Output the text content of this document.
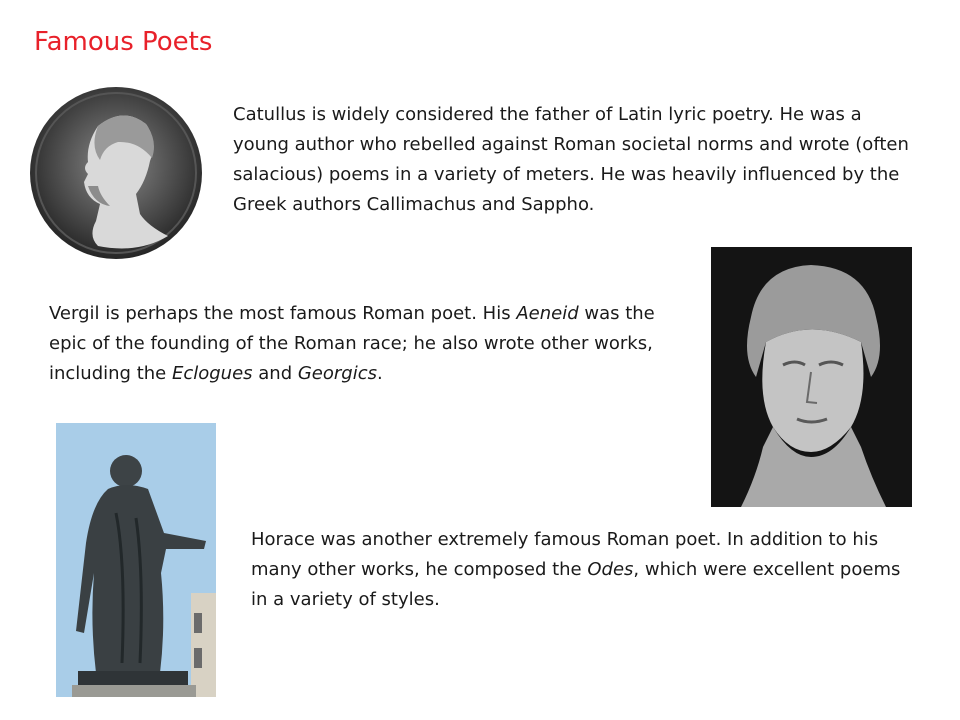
Famous Poets
Catullus is widely considered the father of Latin lyric poetry. He was a young author who rebelled against Roman societal norms and wrote (often salacious) poems in a variety of meters. He was heavily influenced by the Greek authors Callimachus and Sappho.
Vergil is perhaps the most famous Roman poet. His Aeneid was the epic of the founding of the Roman race; he also wrote other works, including the Eclogues and Georgics.
Horace was another extremely famous Roman poet. In addition to his many other works, he composed the Odes, which were excellent poems in a variety of styles.
